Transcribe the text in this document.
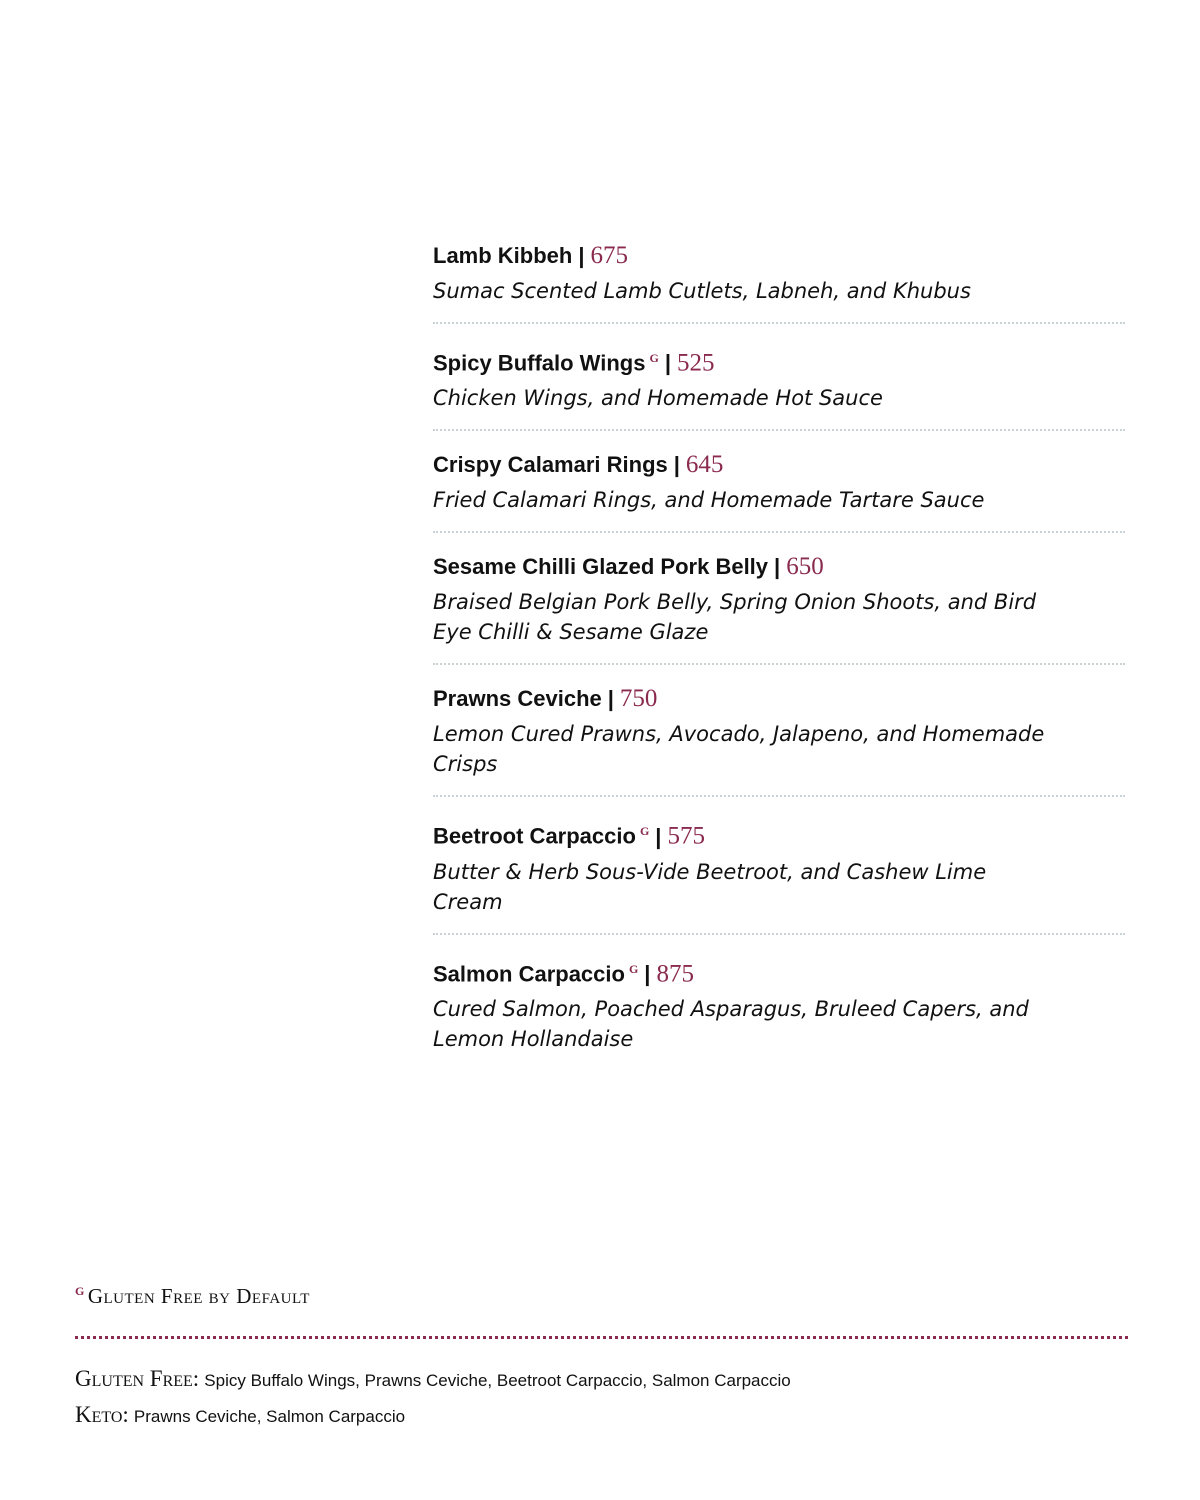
Lamb Kibbeh | 675
Sumac Scented Lamb Cutlets, Labneh, and Khubus
Spicy Buffalo Wings $^G$ | 525
Chicken Wings, and Homemade Hot Sauce
Crispy Calamari Rings | 645
Fried Calamari Rings, and Homemade Tartare Sauce
Sesame Chilli Glazed Pork Belly | 650
Braised Belgian Pork Belly, Spring Onion Shoots, and Bird Eye Chilli & Sesame Glaze
Prawns Ceviche | 750
Lemon Cured Prawns, Avocado, Jalapeno, and Homemade Crisps
Beetroot Carpaccio $^G$ | 575
Butter & Herb Sous-Vide Beetroot, and Cashew Lime Cream
Salmon Carpaccio $^G$ | 875
Cured Salmon, Poached Asparagus, Bruleed Capers, and Lemon Hollandaise
$^G$ Gluten Free by Default
Gluten Free: Spicy Buffalo Wings, Prawns Ceviche, Beetroot Carpaccio, Salmon Carpaccio
Keto: Prawns Ceviche, Salmon Carpaccio
